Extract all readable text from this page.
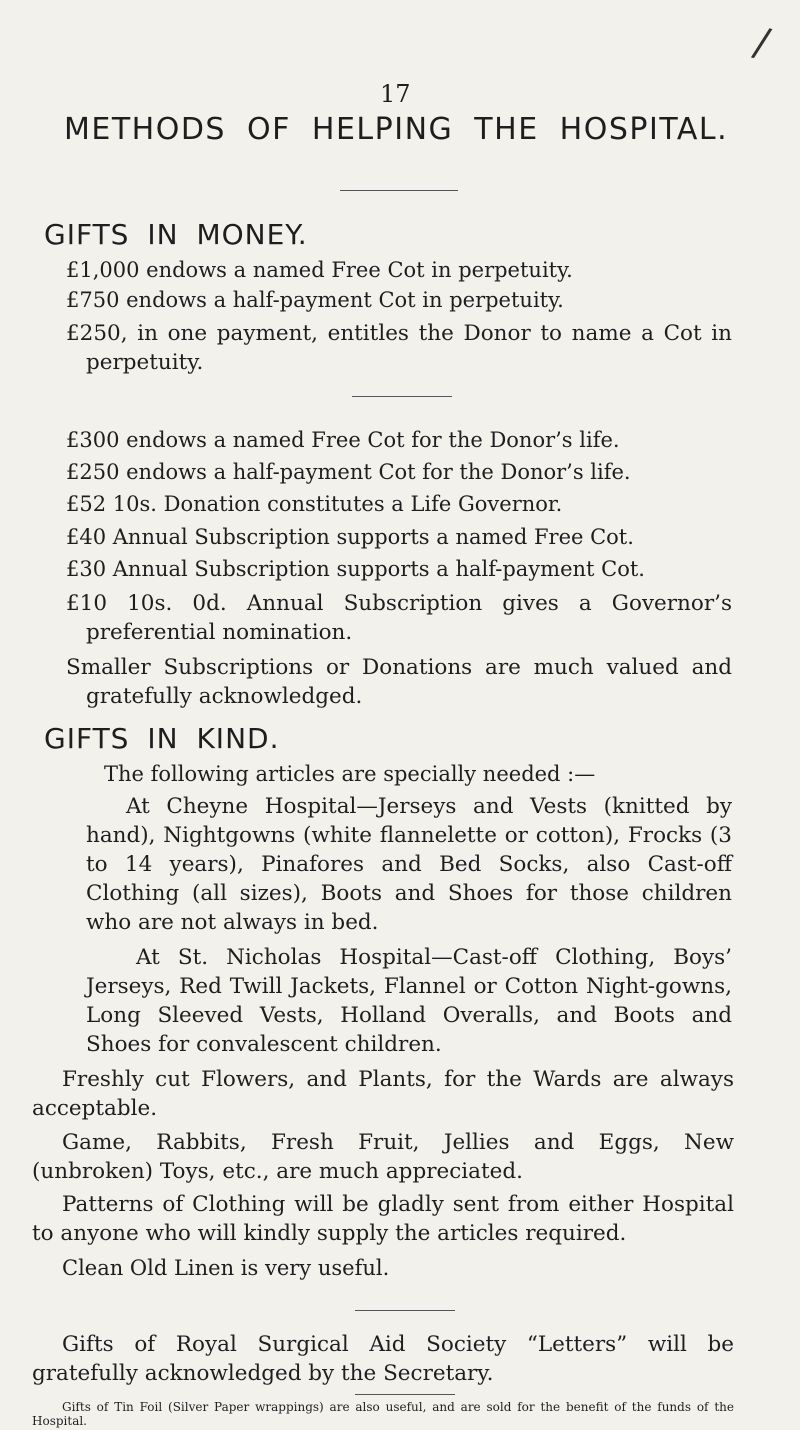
/
17
METHODS OF HELPING THE HOSPITAL.
GIFTS IN MONEY.
£1,000 endows a named Free Cot in perpetuity.
£750 endows a half-payment Cot in perpetuity.
£250, in one payment, entitles the Donor to name a Cot in perpetuity.
£300 endows a named Free Cot for the Donor’s life.
£250 endows a half-payment Cot for the Donor’s life.
£52 10s. Donation constitutes a Life Governor.
£40 Annual Subscription supports a named Free Cot.
£30 Annual Subscription supports a half-payment Cot.
£10 10s. 0d. Annual Subscription gives a Governor’s preferential nomination.
Smaller Subscriptions or Donations are much valued and gratefully acknowledged.
GIFTS IN KIND.
The following articles are specially needed :—
At Cheyne Hospital—Jerseys and Vests (knitted by hand), Nightgowns (white flannelette or cotton), Frocks (3 to 14 years), Pinafores and Bed Socks, also Cast-off Clothing (all sizes), Boots and Shoes for those children who are not always in bed.
At St. Nicholas Hospital—Cast-off Clothing, Boys’ Jerseys, Red Twill Jackets, Flannel or Cotton Night-gowns, Long Sleeved Vests, Holland Overalls, and Boots and Shoes for convalescent children.
Freshly cut Flowers, and Plants, for the Wards are always acceptable.
Game, Rabbits, Fresh Fruit, Jellies and Eggs, New (unbroken) Toys, etc., are much appreciated.
Patterns of Clothing will be gladly sent from either Hospital to anyone who will kindly supply the articles required.
Clean Old Linen is very useful.
Gifts of Royal Surgical Aid Society “Letters” will be gratefully acknowledged by the Secretary.
Gifts of Tin Foil (Silver Paper wrappings) are also useful, and are sold for the benefit of the funds of the Hospital.
